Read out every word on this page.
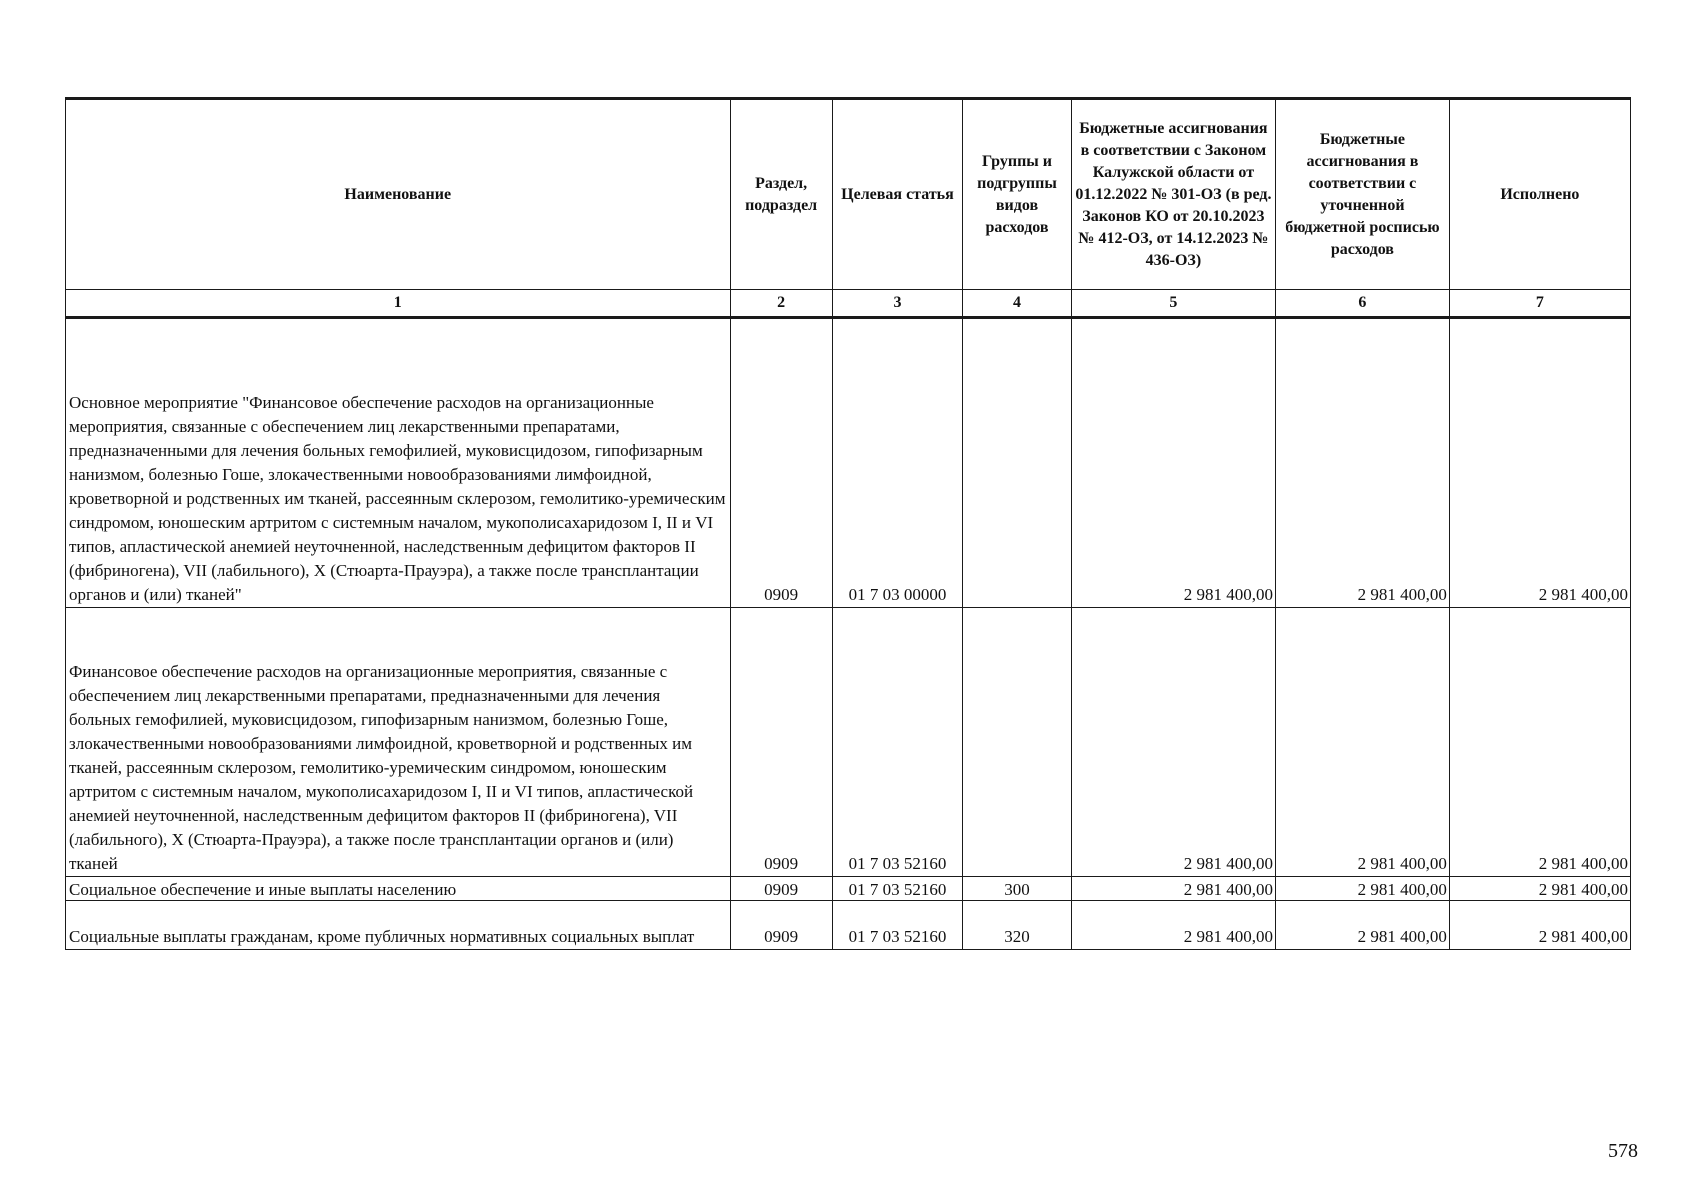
Наименование	Раздел, подраздел	Целевая статья	Группы и подгруппы видов расходов	Бюджетные ассигнования в соответствии с Законом Калужской области от 01.12.2022 № 301-ОЗ (в ред. Законов КО от 20.10.2023 № 412-ОЗ, от 14.12.2023 № 436-ОЗ)	Бюджетные ассигнования в соответствии с уточненной бюджетной росписью расходов	Исполнено
1	2	3	4	5	6	7
Основное мероприятие "Финансовое обеспечение расходов на организационные мероприятия, связанные с обеспечением лиц лекарственными препаратами, предназначенными для лечения больных гемофилией, муковисцидозом, гипофизарным нанизмом, болезнью Гоше, злокачественными новообразованиями лимфоидной, кроветворной и родственных им тканей, рассеянным склерозом, гемолитико-уремическим синдромом, юношеским артритом с системным началом, мукополисахаридозом I, II и VI типов, апластической анемией неуточненной, наследственным дефицитом факторов II (фибриногена), VII (лабильного), X (Стюарта-Прауэра), а также после трансплантации органов и (или) тканей"	0909	01 7 03 00000		2 981 400,00	2 981 400,00	2 981 400,00
Финансовое обеспечение расходов на организационные мероприятия, связанные с обеспечением лиц лекарственными препаратами, предназначенными для лечения больных гемофилией, муковисцидозом, гипофизарным нанизмом, болезнью Гоше, злокачественными новообразованиями лимфоидной, кроветворной и родственных им тканей, рассеянным склерозом, гемолитико-уремическим синдромом, юношеским артритом с системным началом, мукополисахаридозом I, II и VI типов, апластической анемией неуточненной, наследственным дефицитом факторов II (фибриногена), VII (лабильного), X (Стюарта-Прауэра), а также после трансплантации органов и (или) тканей	0909	01 7 03 52160		2 981 400,00	2 981 400,00	2 981 400,00
Социальное обеспечение и иные выплаты населению	0909	01 7 03 52160	300	2 981 400,00	2 981 400,00	2 981 400,00
Социальные выплаты гражданам, кроме публичных нормативных социальных выплат	0909	01 7 03 52160	320	2 981 400,00	2 981 400,00	2 981 400,00
578
